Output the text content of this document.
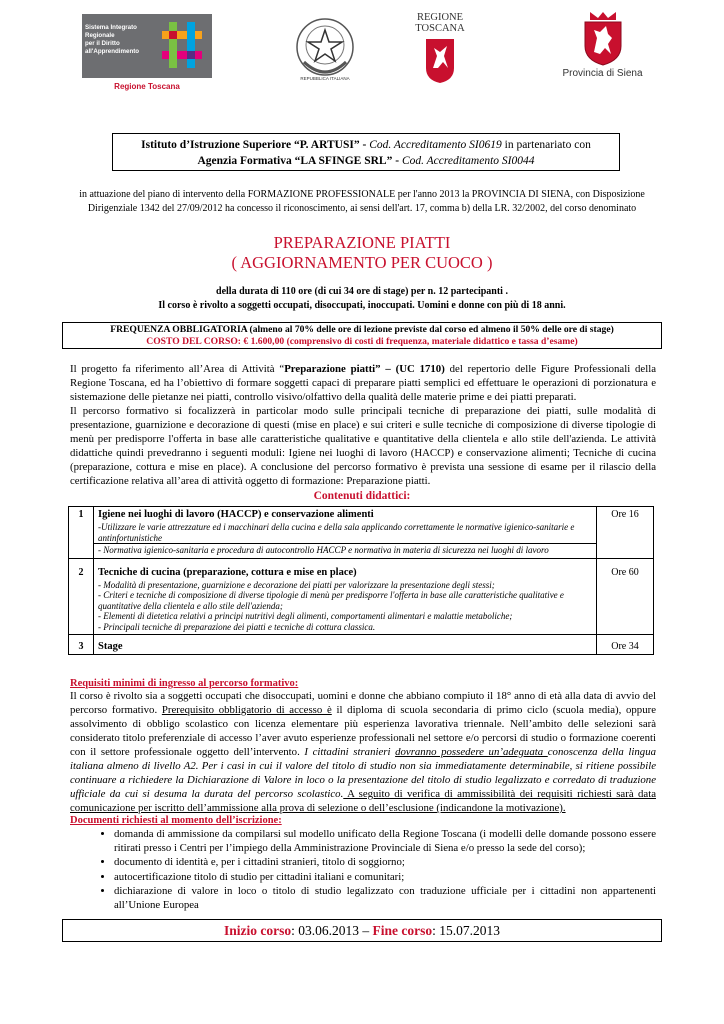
Sistema Integrato
Regionale
per il Diritto
all'Apprendimento
Regione Toscana
REPUBBLICA ITALIANA
REGIONE
TOSCANA
Provincia di Siena
Istituto d’Istruzione Superiore “P. ARTUSI” - Cod. Accreditamento SI0619 in partenariato con
Agenzia Formativa “LA SFINGE SRL” - Cod. Accreditamento SI0044
in attuazione del piano di intervento della FORMAZIONE PROFESSIONALE per l'anno 2013 la PROVINCIA DI SIENA, con Disposizione Dirigenziale 1342 del 27/09/2012 ha concesso il riconoscimento, ai sensi dell'art. 17, comma b) della LR. 32/2002, del corso denominato
PREPARAZIONE PIATTI
( AGGIORNAMENTO PER CUOCO )
della durata di 110 ore (di cui 34 ore di stage) per n. 12 partecipanti .
Il corso è rivolto a soggetti occupati, disoccupati, inoccupati. Uomini e donne con più di 18 anni.
FREQUENZA OBBLIGATORIA (almeno al 70% delle ore di lezione previste dal corso ed almeno il 50% delle ore di stage)
COSTO DEL CORSO: € 1.600,00 (comprensivo di costi di frequenza, materiale didattico e tassa d’esame)

Il progetto fa riferimento all’Area di Attività “Preparazione piatti” – (UC 1710) del repertorio delle Figure Professionali della Regione Toscana, ed ha l’obiettivo di formare soggetti capaci di preparare piatti semplici ed effettuare le operazioni di porzionatura e sistemazione delle pietanze nei piatti, controllo visivo/olfattivo della qualità delle materie prime e dei piatti preparati.

Il percorso formativo si focalizzerà in particolar modo sulle principali tecniche di preparazione dei piatti, sulle modalità di presentazione, guarnizione e decorazione di questi (mise en place) e sui criteri e sulle tecniche di composizione di diverse tipologie di menù per predisporre l'offerta in base alle caratteristiche qualitative e quantitative della clientela e allo stile dell'azienda. Le attività didattiche quindi prevedranno i seguenti moduli: Igiene nei luoghi di lavoro (HACCP) e conservazione alimenti; Tecniche di cucina (preparazione, cottura e mise en place). A conclusione del percorso formativo è prevista una sessione di esame per il rilascio della certificazione relativa all’area di attività oggetto di formazione: Preparazione piatti.

Contenuti didattici:
1	Igiene nei luoghi di lavoro (HACCP) e conservazione alimenti
-Utilizzare le varie attrezzature ed i macchinari della cucina e della sala applicando correttamente le normative igienico-sanitarie e antinfortunistiche
- Normativa igienico-sanitaria e procedura di autocontrollo HACCP e normativa in materia di sicurezza nei luoghi di lavoro	Ore 16
2	Tecniche di cucina (preparazione, cottura e mise en place)
- Modalità di presentazione, guarnizione e decorazione dei piatti per valorizzare la presentazione degli stessi;
- Criteri e tecniche di composizione di diverse tipologie di menù per predisporre l'offerta in base alle caratteristiche qualitative e quantitative della clientela e allo stile dell'azienda;
- Elementi di dietetica relativi a principi nutritivi degli alimenti, comportamenti alimentari e malattie metaboliche;
- Principali tecniche di preparazione dei piatti e tecniche di cottura classica.	Ore 60
3	Stage	Ore 34
Requisiti minimi di ingresso al percorso formativo:
Il corso è rivolto sia a soggetti occupati che disoccupati, uomini e donne che abbiano compiuto il 18° anno di età alla data di avvio del percorso formativo. Prerequisito obbligatorio di accesso è il diploma di scuola secondaria di primo ciclo (scuola media), oppure assolvimento di obbligo scolastico con licenza elementare più esperienza lavorativa triennale. Nell’ambito delle selezioni sarà considerato titolo preferenziale di accesso l’aver avuto esperienze professionali nel settore e/o percorsi di studio o formazione coerenti con il settore professionale oggetto dell’intervento. I cittadini stranieri dovranno possedere un’adeguata conoscenza della lingua italiana almeno di livello A2. Per i casi in cui il valore del titolo di studio non sia immediatamente determinabile, si ritiene possibile continuare a richiedere la Dichiarazione di Valore in loco o la presentazione del titolo di studio legalizzato e corredato di traduzione ufficiale da cui si desuma la durata del percorso scolastico. A seguito di verifica di ammissibilità dei requisiti richiesti sarà data comunicazione per iscritto dell’ammissione alla prova di selezione o dell’esclusione (indicandone la motivazione).
Documenti richiesti al momento dell’iscrizione:
• domanda di ammissione da compilarsi sul modello unificato della Regione Toscana (i modelli delle domande possono essere ritirati presso i Centri per l’impiego della Amministrazione Provinciale di Siena e/o presso la sede del corso);
• documento di identità e, per i cittadini stranieri, titolo di soggiorno;
• autocertificazione titolo di studio per cittadini italiani e comunitari;
• dichiarazione di valore in loco o titolo di studio legalizzato con traduzione ufficiale per i cittadini non appartenenti all’Unione Europea
Inizio corso: 03.06.2013 – Fine corso: 15.07.2013
